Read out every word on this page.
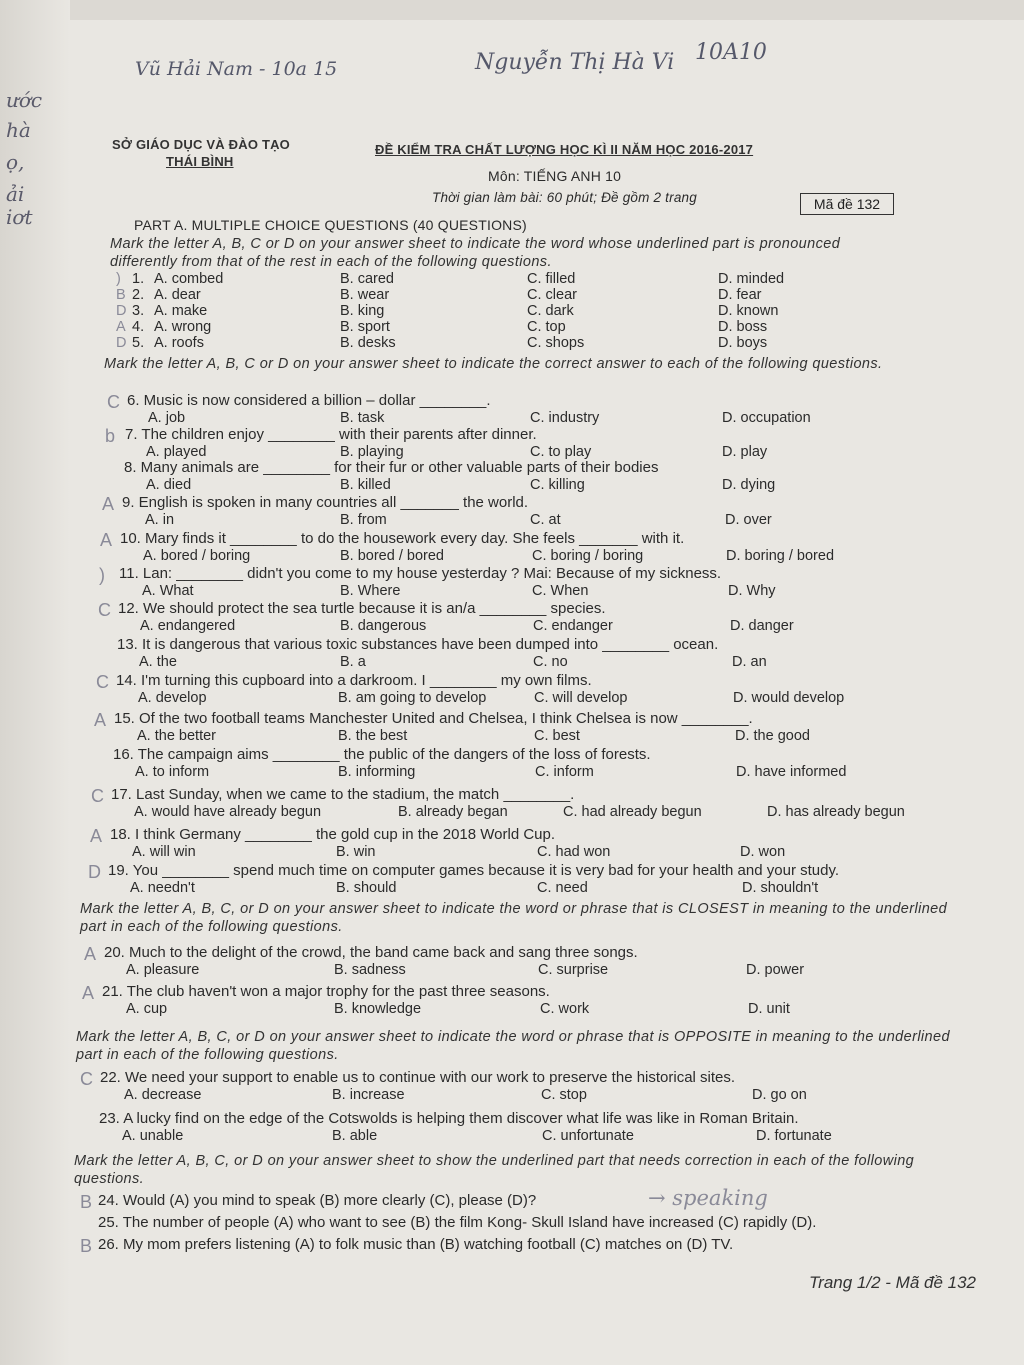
ước
hà
ọ,
ải
iơt
Vũ Hải Nam - 10a 15	Nguyễn Thị Hà Vi 10A10
SỞ GIÁO DỤC VÀ ĐÀO TẠO
THÁI BÌNH
ĐỀ KIỂM TRA CHẤT LƯỢNG HỌC KÌ II NĂM HỌC 2016-2017
Môn: TIẾNG ANH 10
Thời gian làm bài: 60 phút; Đề gồm 2 trang	Mã đề 132
PART A. MULTIPLE CHOICE QUESTIONS (40 QUESTIONS)
Mark the letter A, B, C or D on your answer sheet to indicate the word whose underlined part is pronounced differently from that of the rest in each of the following questions.
) 1. A. combed	B. cared	C. filled	D. minded
B 2. A. dear	B. wear	C. clear	D. fear
D 3. A. make	B. king	C. dark	D. known
A 4. A. wrong	B. sport	C. top	D. boss
D 5. A. roofs	B. desks	C. shops	D. boys
Mark the letter A, B, C or D on your answer sheet to indicate the correct answer to each of the following questions.
C 6. Music is now considered a billion – dollar ________.
A. job	B. task	C. industry	D. occupation
b 7. The children enjoy ________ with their parents after dinner.
A. played	B. playing	C. to play	D. play
8. Many animals are ________ for their fur or other valuable parts of their bodies
A. died	B. killed	C. killing	D. dying
A 9. English is spoken in many countries all _______ the world.
A. in	B. from	C. at	D. over
A 10. Mary finds it ________ to do the housework every day. She feels _______ with it.
A. bored / boring	B. bored / bored	C. boring / boring	D. boring / bored
) 11. Lan: ________ didn't you come to my house yesterday ? Mai: Because of my sickness.
A. What	B. Where	C. When	D. Why
C 12. We should protect the sea turtle because it is an/a ________ species.
A. endangered	B. dangerous	C. endanger	D. danger
13. It is dangerous that various toxic substances have been dumped into ________ ocean.
A. the	B. a	C. no	D. an
C 14. I'm turning this cupboard into a darkroom. I ________ my own films.
A. develop	B. am going to develop	C. will develop	D. would develop
A 15. Of the two football teams Manchester United and Chelsea, I think Chelsea is now ________.
A. the better	B. the best	C. best	D. the good
16. The campaign aims ________ the public of the dangers of the loss of forests.
A. to inform	B. informing	C. inform	D. have informed
C 17. Last Sunday, when we came to the stadium, the match ________.
A. would have already begun	B. already began	C. had already begun	D. has already begun
A 18. I think Germany ________ the gold cup in the 2018 World Cup.
A. will win	B. win	C. had won	D. won
D 19. You ________ spend much time on computer games because it is very bad for your health and your study.
A. needn't	B. should	C. need	D. shouldn't
A 20. Much to the delight of the crowd, the band came back and sang three songs.
A. pleasure	B. sadness	C. surprise	D. power
A 21. The club haven't won a major trophy for the past three seasons.
A. cup	B. knowledge	C. work	D. unit
C 22. We need your support to enable us to continue with our work to preserve the historical sites.
A. decrease	B. increase	C. stop	D. go on
23. A lucky find on the edge of the Cotswolds is helping them discover what life was like in Roman Britain.
A. unable	B. able	C. unfortunate	D. fortunate
Mark the letter A, B, C, or D on your answer sheet to indicate the word or phrase that is CLOSEST in meaning to the underlined part in each of the following questions.
Mark the letter A, B, C, or D on your answer sheet to indicate the word or phrase that is OPPOSITE in meaning to the underlined part in each of the following questions.
Mark the letter A, B, C, or D on your answer sheet to show the underlined part that needs correction in each of the following questions.
B 24. Would (A) you mind to speak (B) more clearly (C), please (D)?
25. The number of people (A) who want to see (B) the film Kong- Skull Island have increased (C) rapidly (D).
B 26. My mom prefers listening (A) to folk music than (B) watching football (C) matches on (D) TV.
→ speaking
Trang 1/2 - Mã đề 132
